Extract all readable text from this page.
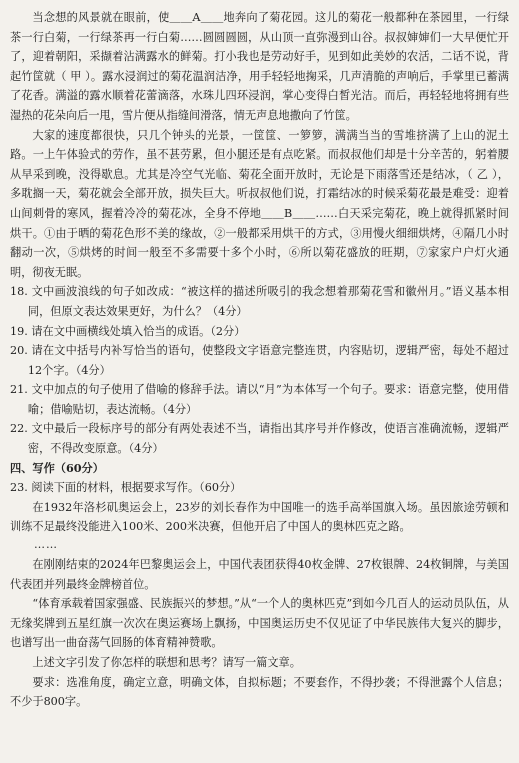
当念想的风景就在眼前，使＿＿A＿＿地奔向了菊花园。这儿的菊花一般都种在茶园里，一行绿茶一行白菊，一行绿茶再一行白菊……圆圆圆圆，从山顶一直弥漫到山谷。叔叔婶婶们一大早便忙开了，迎着朝阳，采撷着沾满露水的鲜菊。打小我也是劳动好手，见到如此美妙的农活，二话不说，背起竹筐就（ 甲 ）。露水浸润过的菊花温润洁净，用手轻轻地掬采，几声清脆的声响后，手掌里已蓄满了花香。满溢的露水顺着花蕾滴落，水珠儿四环浸润，掌心变得白皙光洁。而后，再轻轻地将拥有些湿热的花朵向后一甩，雪片便从指缝间滑落，情无声息地撒向了竹筐。

大家的速度都很快，只几个钟头的光景，一筐筐、一箩箩，满满当当的雪堆挤满了上山的泥土路。一上午体验式的劳作，虽不甚劳累，但小腿还是有点吃紧。而叔叔他们却是十分辛苦的，躬着腰从早采到晚，没得歇息。尤其是冷空气光临、菊花全面开放时，无论是下雨落雪还是结冰，（ 乙 ），多耽搁一天，菊花就会全部开放，损失巨大。听叔叔他们说，打霜结冰的时候采菊花最是难受：迎着山间刺骨的寒风，握着冷冷的菊花冰，全身不停地＿＿B＿＿……白天采完菊花，晚上就得抓紧时间烘干。①由于晒的菊花色形不美的缘故，②一般都采用烘干的方式，③用慢火细细烘烤，④隔几小时翻动一次，⑤烘烤的时间一般至不多需要十多个小时，⑥所以菊花盛放的旺期，⑦家家户户灯火通明，彻夜无眠。

18. 文中画波浪线的句子如改成：“被这样的描述所吸引的我念想着那菊花雪和徽州月。”语义基本相同，但原文表达效果更好，为什么？（4分）

19. 请在文中画横线处填入恰当的成语。（2分）

20. 请在文中括号内补写恰当的语句，使整段文字语意完整连贯，内容贴切，逻辑严密，每处不超过12个字。（4分）

21. 文中加点的句子使用了借喻的修辞手法。请以“月”为本体写一个句子。要求：语意完整，使用借喻；借喻贴切，表达流畅。（4分）

22. 文中最后一段标序号的部分有两处表述不当，请指出其序号并作修改，使语言准确流畅，逻辑严密，不得改变原意。（4分）

四、写作（60分）

23. 阅读下面的材料，根据要求写作。（60分）

在1932年洛杉矶奥运会上，23岁的刘长春作为中国唯一的选手高举国旗入场。虽因旅途劳顿和训练不足最终没能进入100米、200米决赛，但他开启了中国人的奥林匹克之路。

……

在刚刚结束的2024年巴黎奥运会上，中国代表团获得40枚金牌、27枚银牌、24枚铜牌，与美国代表团并列最终金牌榜首位。

“体育承载着国家强盛、民族振兴的梦想。”从“一个人的奥林匹克”到如今几百人的运动员队伍，从无缘奖牌到五星红旗一次次在奥运赛场上飘扬，中国奥运历史不仅见证了中华民族伟大复兴的脚步，也谱写出一曲奋荡气回肠的体育精神赞歌。

上述文字引发了你怎样的联想和思考？请写一篇文章。

要求：选准角度，确定立意，明确文体，自拟标题；不要套作，不得抄袭；不得泄露个人信息；不少于800字。
